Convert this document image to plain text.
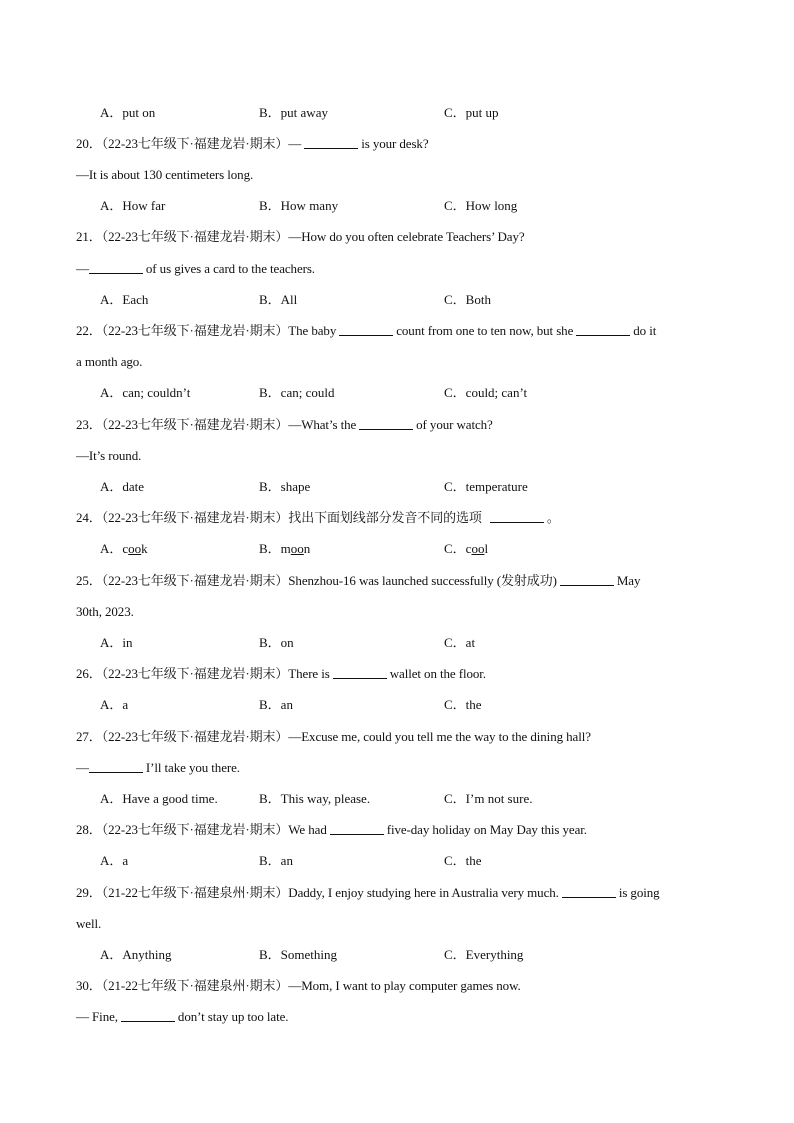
A．put on	B．put away	C．put up
20．（22-23七年级下·福建龙岩·期末）—	is your desk?
—It is about 130 centimeters long.
A．How far	B．How many	C．How long
21．（22-23七年级下·福建龙岩·期末）—How do you often celebrate Teachers’ Day?
—	of us gives a card to the teachers.
A．Each	B．All	C．Both
22．（22-23七年级下·福建龙岩·期末）The baby	count from one to ten now, but she	do it
a month ago.
A．can; couldn’t	B．can; could	C．could; can’t
23．（22-23七年级下·福建龙岩·期末）—What’s the	of your watch?
—It’s round.
A．date	B．shape	C．temperature
24．（22-23七年级下·福建龙岩·期末）找出下面划线部分发音不同的选项	。
A．cook	B．moon	C．cool
25．（22-23七年级下·福建龙岩·期末）Shenzhou-16 was launched successfully (发射成功)	May
30th, 2023.
A．in	B．on	C．at
26．（22-23七年级下·福建龙岩·期末）There is	wallet on the floor.
A．a	B．an	C．the
27．（22-23七年级下·福建龙岩·期末）—Excuse me, could you tell me the way to the dining hall?
—	I’ll take you there.
A．Have a good time.	B．This way, please.	C．I’m not sure.
28．（22-23七年级下·福建龙岩·期末）We had	five-day holiday on May Day this year.
A．a	B．an	C．the
29．（21-22七年级下·福建泉州·期末）Daddy, I enjoy studying here in Australia very much.	is going
well.
A．Anything	B．Something	C．Everything
30．（21-22七年级下·福建泉州·期末）—Mom, I want to play computer games now.
— Fine,	don’t stay up too late.
